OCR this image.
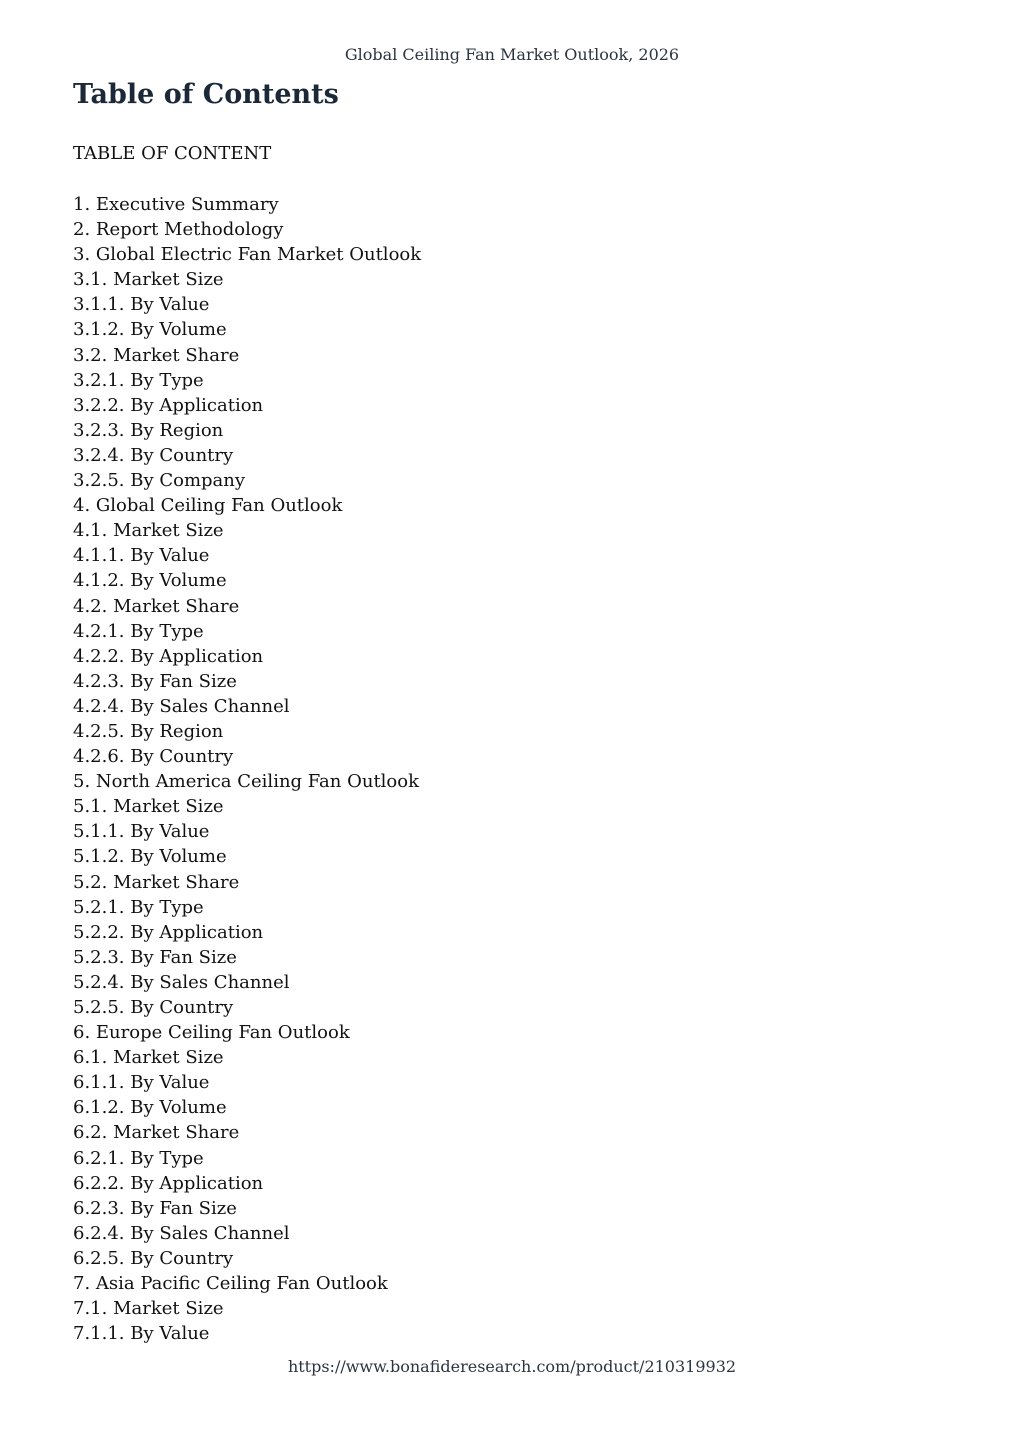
Global Ceiling Fan Market Outlook, 2026
Table of Contents
TABLE OF CONTENT
1. Executive Summary
2. Report Methodology
3. Global Electric Fan Market Outlook
3.1. Market Size
3.1.1. By Value
3.1.2. By Volume
3.2. Market Share
3.2.1. By Type
3.2.2. By Application
3.2.3. By Region
3.2.4. By Country
3.2.5. By Company
4. Global Ceiling Fan Outlook
4.1. Market Size
4.1.1. By Value
4.1.2. By Volume
4.2. Market Share
4.2.1. By Type
4.2.2. By Application
4.2.3. By Fan Size
4.2.4. By Sales Channel
4.2.5. By Region
4.2.6. By Country
5. North America Ceiling Fan Outlook
5.1. Market Size
5.1.1. By Value
5.1.2. By Volume
5.2. Market Share
5.2.1. By Type
5.2.2. By Application
5.2.3. By Fan Size
5.2.4. By Sales Channel
5.2.5. By Country
6. Europe Ceiling Fan Outlook
6.1. Market Size
6.1.1. By Value
6.1.2. By Volume
6.2. Market Share
6.2.1. By Type
6.2.2. By Application
6.2.3. By Fan Size
6.2.4. By Sales Channel
6.2.5. By Country
7. Asia Pacific Ceiling Fan Outlook
7.1. Market Size
7.1.1. By Value
https://www.bonafideresearch.com/product/210319932
